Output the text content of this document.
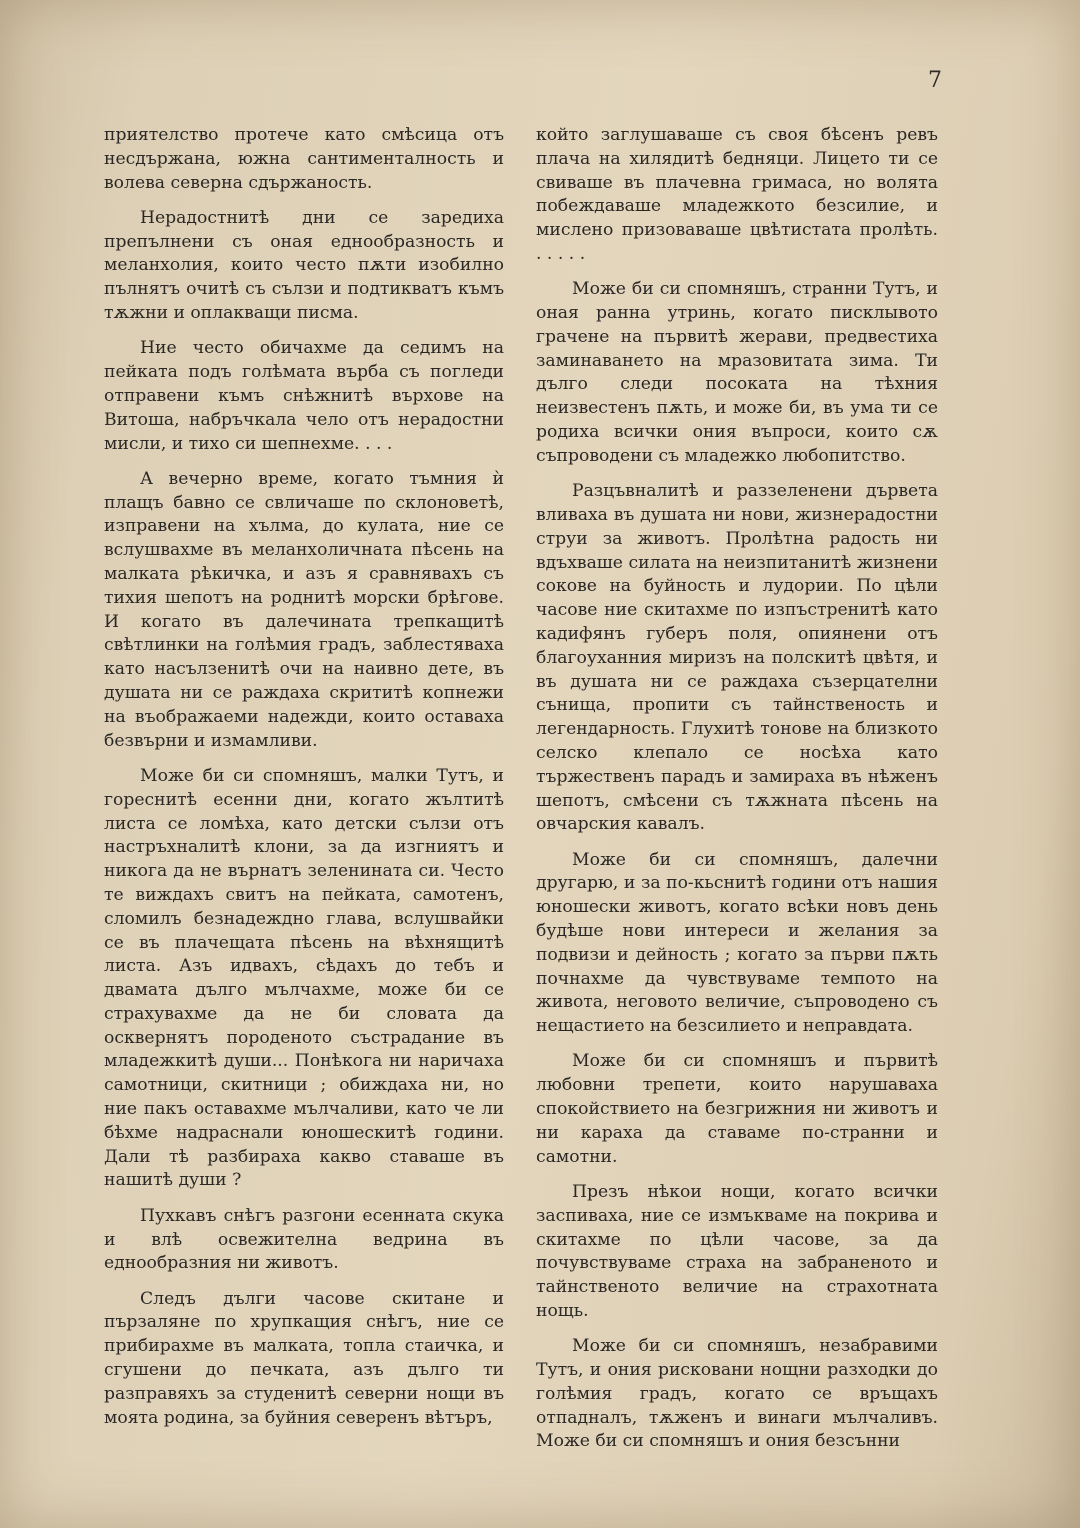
7

приятелство протече като смѣсица отъ несдържана, южна сантименталность и волева северна сдържаность.

Нерадостнитѣ дни се заредиха препълнени съ оная еднообразность и меланхолия, които често пѫти изобилно пълнятъ очитѣ съ сълзи и подтикватъ къмъ тѫжни и оплакващи писма.

Ние често обичахме да седимъ на пейката подъ голѣмата върба съ погледи отправени къмъ снѣжнитѣ върхове на Витоша, набръчкала чело отъ нерадостни мисли, и тихо си шепнехме. . . .

А вечерно време, когато тъмния ѝ плащъ бавно се свличаше по склоноветѣ, изправени на хълма, до кулата, ние се вслушвахме въ меланхоличната пѣсень на малката рѣкичка, и азъ я сравнявахъ съ тихия шепотъ на роднитѣ морски брѣгове. И когато въ далечината трепкащитѣ свѣтлинки на голѣмия градъ, заблестяваха като насълзенитѣ очи на наивно дете, въ душата ни се раждаха скрититѣ копнежи на въображаеми надежди, които оставаха безвърни и измамливи.

Може би си спомняшъ, малки Тутъ, и гореснитѣ есенни дни, когато жълтитѣ листа се ломѣха, като детски сълзи отъ настръхналитѣ клони, за да изгниятъ и никога да не върнатъ зеленината си. Често те виждахъ свитъ на пейката, самотенъ, сломилъ безнадеждно глава, вслушвайки се въ плачещата пѣсень на вѣхнящитѣ листа. Азъ идвахъ, сѣдахъ до тебъ и двамата дълго мълчахме, може би се страхувахме да не би словата да осквернятъ породеното състрадание въ младежкитѣ души... Понѣкога ни наричаха самотници, скитници ; обиждаха ни, но ние пакъ оставахме мълчаливи, като че ли бѣхме надраснали юношескитѣ години. Дали тѣ разбираха какво ставаше въ нашитѣ души ?

Пухкавъ снѣгъ разгони есенната скука и влѣ освежителна ведрина въ еднообразния ни животъ.

Следъ дълги часове скитане и пързаляне по хрупкащия снѣгъ, ние се прибирахме въ малката, топла стаичка, и сгушени до печката, азъ дълго ти разправяхъ за студенитѣ северни нощи въ моята родина, за буйния северенъ вѣтъръ,

който заглушаваше съ своя бѣсенъ ревъ плача на хилядитѣ бедняци. Лицето ти се свиваше въ плачевна гримаса, но волята побеждаваше младежкото безсилие, и мислено призоваваше цвѣтистата пролѣть. . . . . .

Може би си спомняшъ, странни Тутъ, и оная ранна утринь, когато писклывото грачене на първитѣ жерави, предвестиха заминаването на мразовитата зима. Ти дълго следи посоката на тѣхния неизвестенъ пѫть, и може би, въ ума ти се родиха всички ония въпроси, които сѫ съпроводени съ младежко любопитство.

Разцъвналитѣ и раззеленени дървета вливаха въ душата ни нови, жизнерадостни струи за животъ. Пролѣтна радость ни вдъхваше силата на неизпитанитѣ жизнени сокове на буйность и лудории. По цѣли часове ние скитахме по изпъстренитѣ като кадифянъ губеръ поля, опиянени отъ благоуханния миризъ на полскитѣ цвѣтя, и въ душата ни се раждаха съзерцателни сънища, пропити съ тайнственость и легендарность. Глухитѣ тонове на близкото селско клепало се носѣха като тържественъ парадъ и замираха въ нѣженъ шепотъ, смѣсени съ тѫжната пѣсень на овчарския кавалъ.

Може би си спомняшъ, далечни другарю, и за по-кьснитѣ години отъ нашия юношески животъ, когато всѣки новъ день будѣше нови интереси и желания за подвизи и дейность ; когато за първи пѫть почнахме да чувствуваме темпото на живота, неговото величие, съпроводено съ нещастието на безсилието и неправдата.

Може би си спомняшъ и първитѣ любовни трепети, които нарушаваха спокойствието на безгрижния ни животъ и ни караха да ставаме по-странни и самотни.

Презъ нѣкои нощи, когато всички заспиваха, ние се измъкваме на покрива и скитахме по цѣли часове, за да почувствуваме страха на забраненото и тайнственото величие на страхотната нощь.

Може би си спомняшъ, незабравими Тутъ, и ония рисковани нощни разходки до голѣмия градъ, когато се връщахъ отпадналъ, тѫженъ и винаги мълчаливъ. Може би си спомняшъ и ония безсънни
